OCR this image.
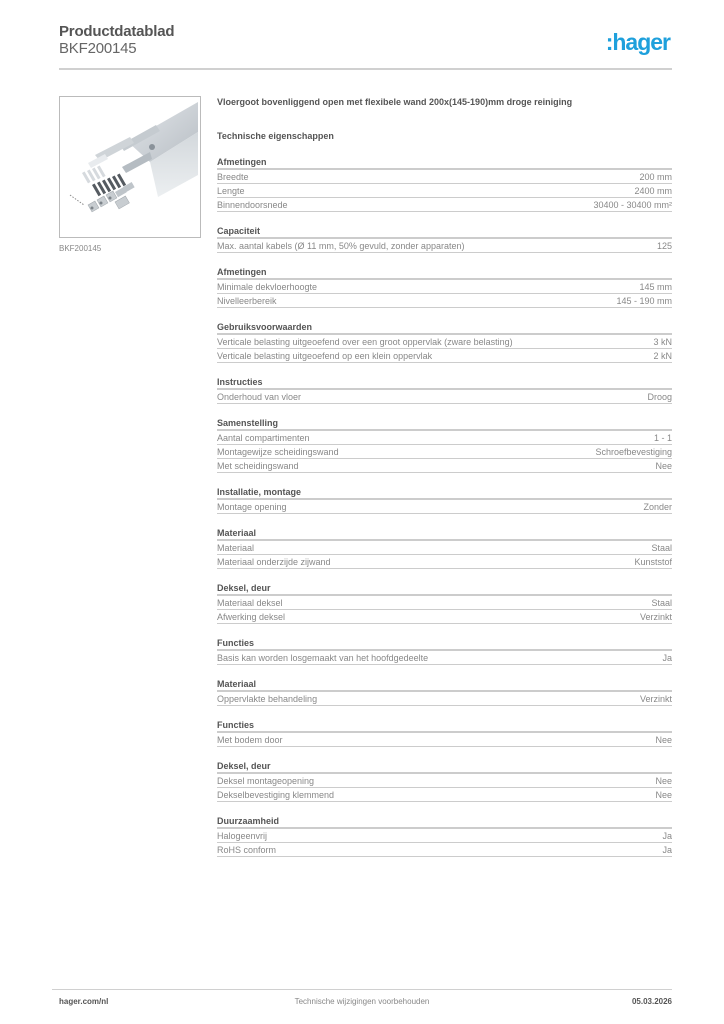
Productdatablad
BKF200145	:hager
BKF200145
Vloergoot bovenliggend open met flexibele wand 200x(145-190)mm droge reiniging
Technische eigenschappen
Afmetingen
Breedte	200 mm
Lengte	2400 mm
Binnendoorsnede	30400 - 30400 mm²
Capaciteit
Max. aantal kabels (Ø 11 mm, 50% gevuld, zonder apparaten)	125
Afmetingen
Minimale dekvloerhoogte	145 mm
Nivelleerbereik	145 - 190 mm
Gebruiksvoorwaarden
Verticale belasting uitgeoefend over een groot oppervlak (zware belasting)	3 kN
Verticale belasting uitgeoefend op een klein oppervlak	2 kN
Instructies
Onderhoud van vloer	Droog
Samenstelling
Aantal compartimenten	1 - 1
Montagewijze scheidingswand	Schroefbevestiging
Met scheidingswand	Nee
Installatie, montage
Montage opening	Zonder
Materiaal
Materiaal	Staal
Materiaal onderzijde zijwand	Kunststof
Deksel, deur
Materiaal deksel	Staal
Afwerking deksel	Verzinkt
Functies
Basis kan worden losgemaakt van het hoofdgedeelte	Ja
Materiaal
Oppervlakte behandeling	Verzinkt
Functies
Met bodem door	Nee
Deksel, deur
Deksel montageopening	Nee
Dekselbevestiging klemmend	Nee
Duurzaamheid
Halogeenvrij	Ja
RoHS conform	Ja
hager.com/nl	Technische wijzigingen voorbehouden	05.03.2026
